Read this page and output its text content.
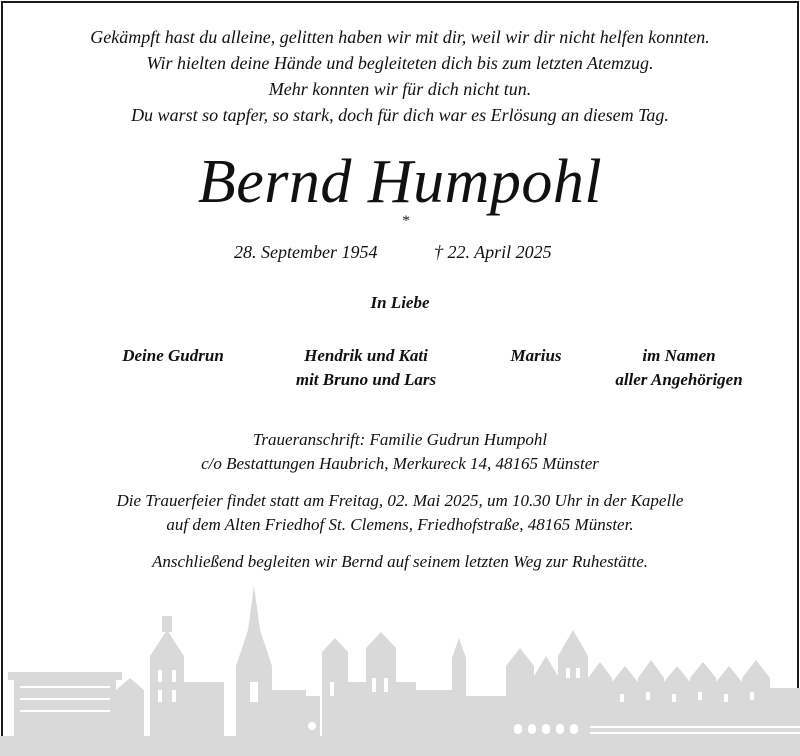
Gekämpft hast du alleine, gelitten haben wir mit dir, weil wir dir nicht helfen konnten.
Wir hielten deine Hände und begleiteten dich bis zum letzten Atemzug.
Mehr konnten wir für dich nicht tun.
Du warst so tapfer, so stark, doch für dich war es Erlösung an diesem Tag.
Bernd Humpohl
*
28. September 1954	† 22. April 2025
In Liebe
Deine Gudrun	Hendrik und Kati
mit Bruno und Lars
Marius	im Namen
aller Angehörigen
Traueranschrift: Familie Gudrun Humpohl
c/o Bestattungen Haubrich, Merkureck 14, 48165 Münster
Die Trauerfeier findet statt am Freitag, 02. Mai 2025, um 10.30 Uhr in der Kapelle
auf dem Alten Friedhof St. Clemens, Friedhofstraße, 48165 Münster.
Anschließend begleiten wir Bernd auf seinem letzten Weg zur Ruhestätte.
